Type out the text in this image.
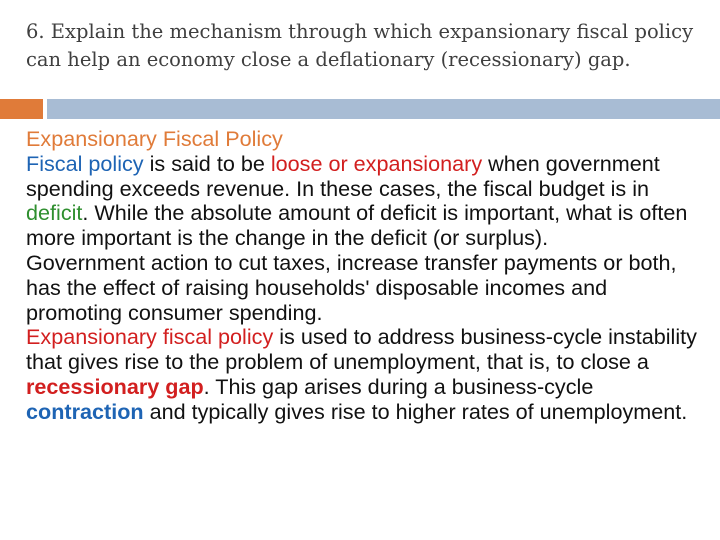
6. Explain the mechanism through which expansionary fiscal policy can help an economy close a deflationary (recessionary) gap.

Expansionary Fiscal Policy

Fiscal policy is said to be loose or expansionary when government spending exceeds revenue. In these cases, the fiscal budget is in deficit. While the absolute amount of deficit is important, what is often more important is the change in the deficit (or surplus).

Government action to cut taxes, increase transfer payments or both, has the effect of raising households' disposable incomes and promoting consumer spending.

Expansionary fiscal policy is used to address business-cycle instability that gives rise to the problem of unemployment, that is, to close a recessionary gap. This gap arises during a business-cycle contraction and typically gives rise to higher rates of unemployment.
